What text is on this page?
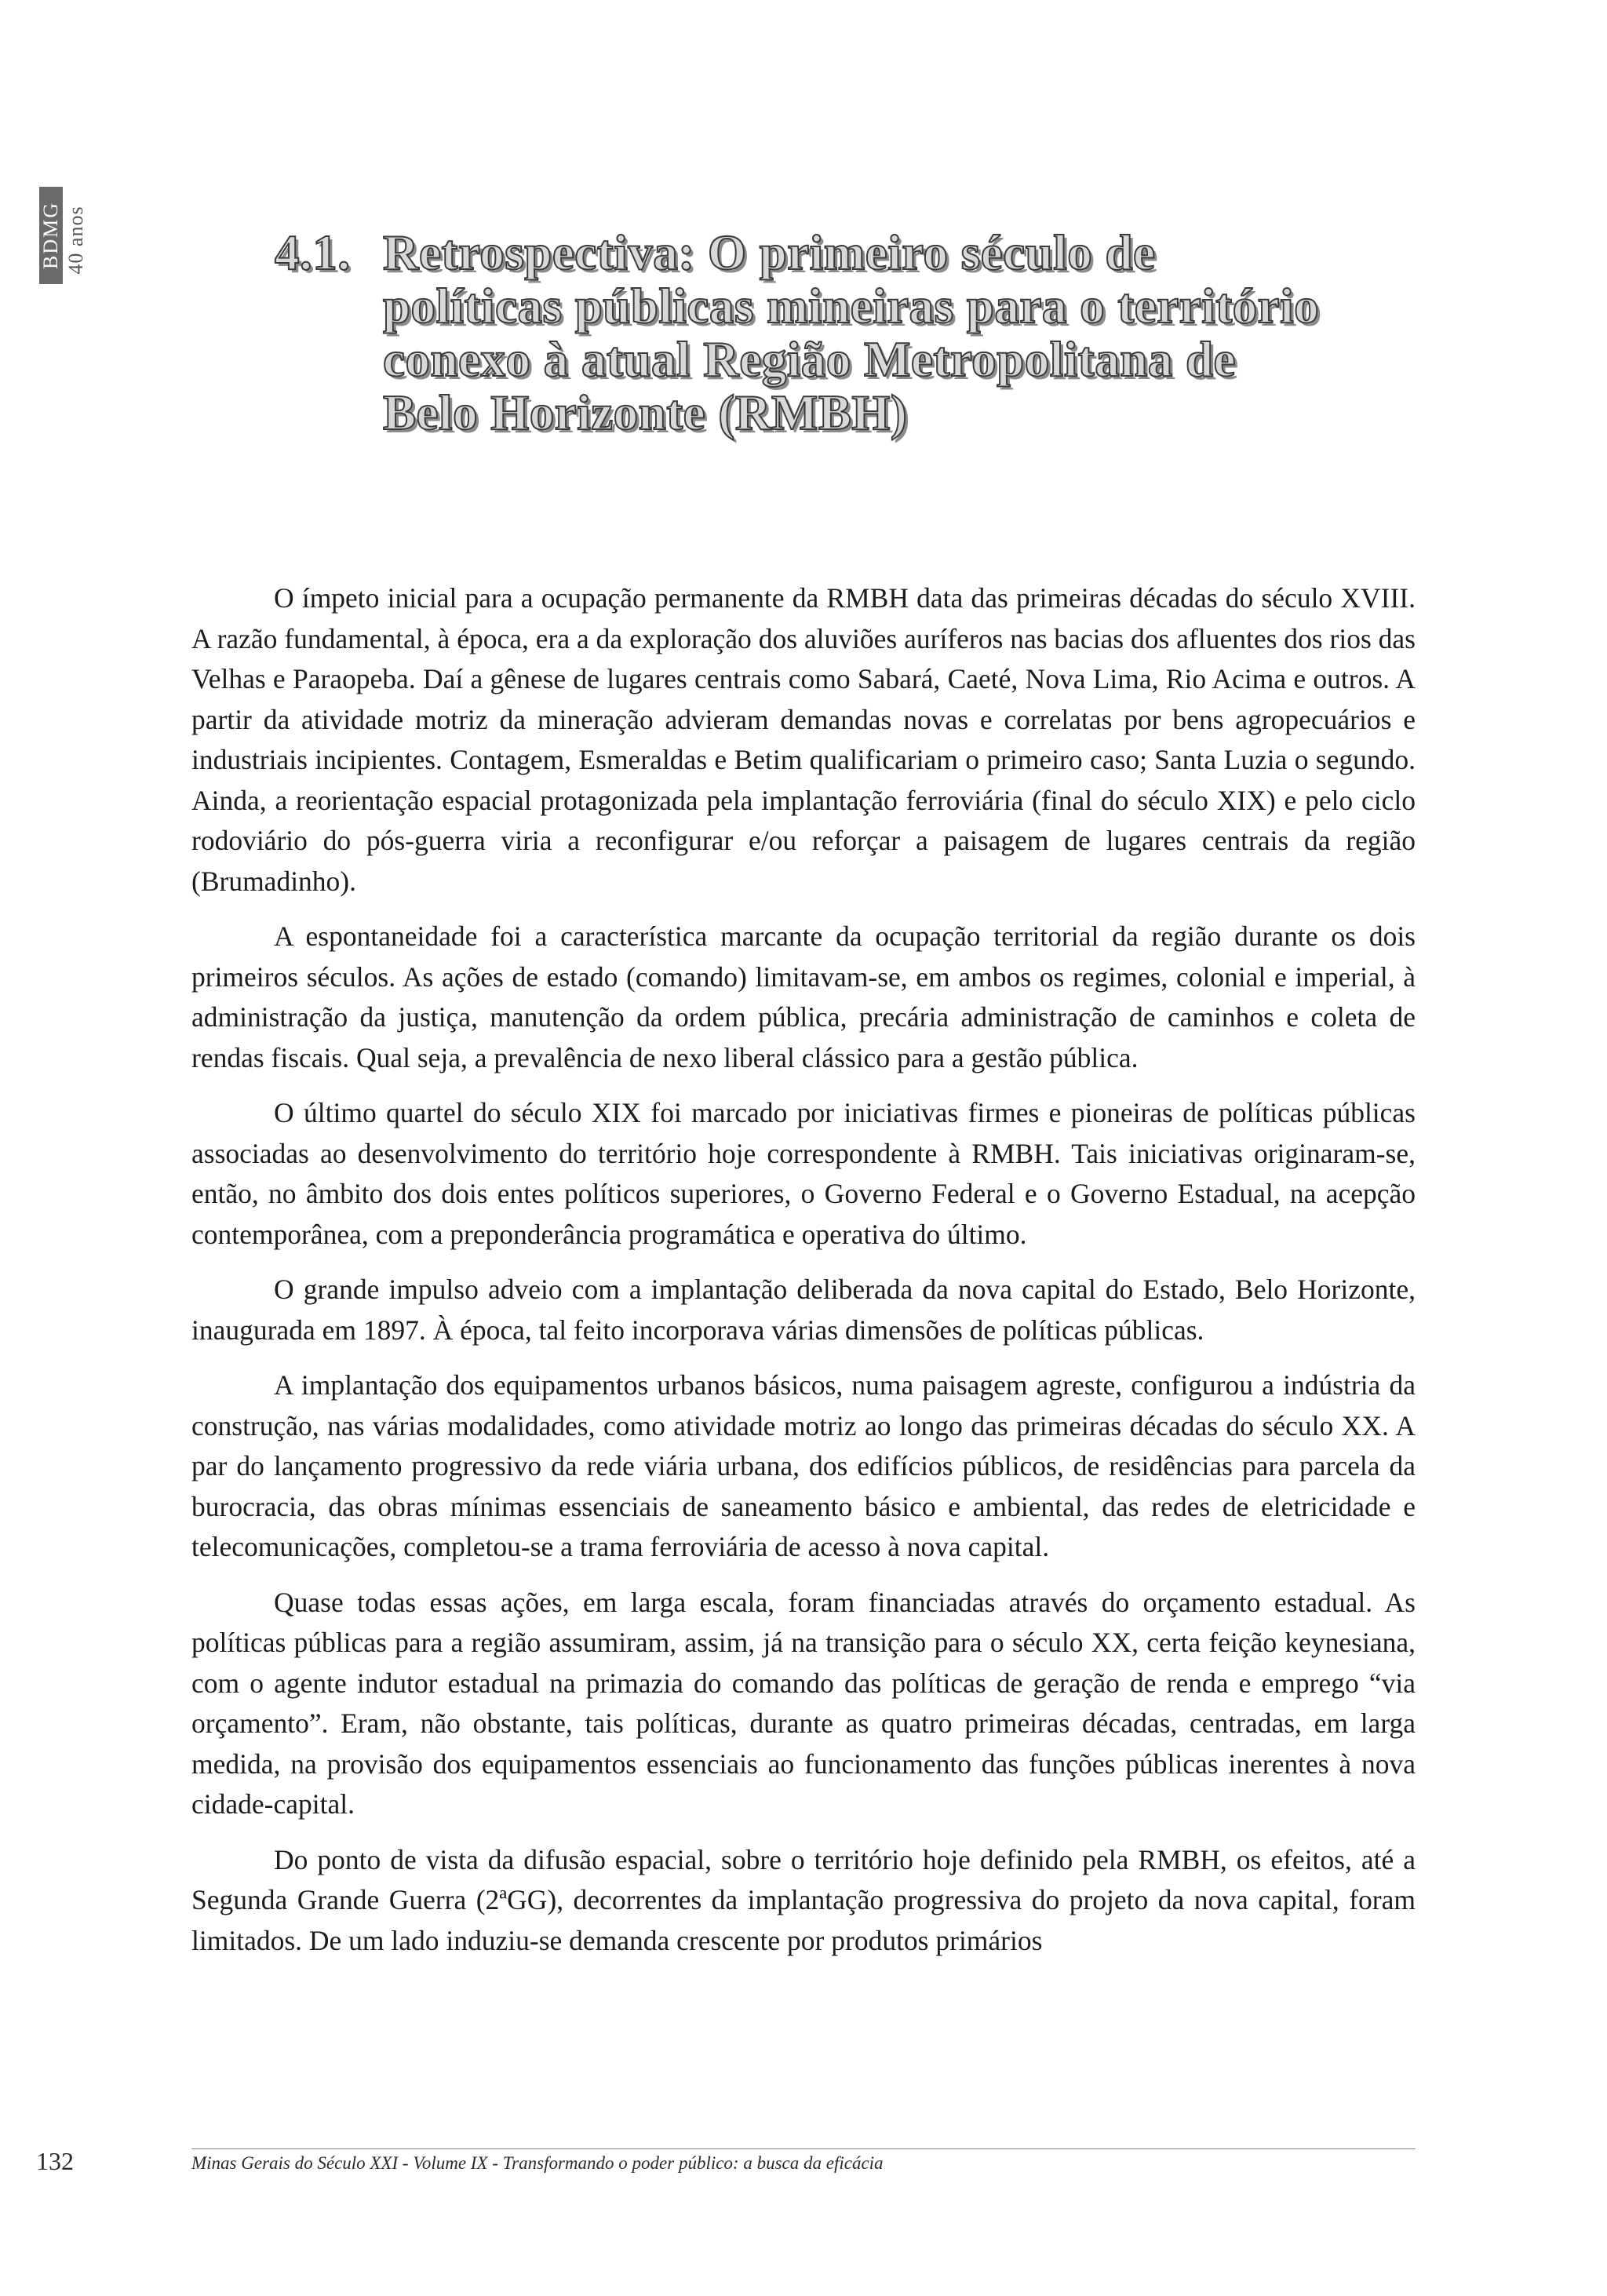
BDMG 40 anos	4.1. Retrospectiva: O primeiro século de
políticas públicas mineiras para o território
conexo à atual Região Metropolitana de
Belo Horizonte (RMBH)

O ímpeto inicial para a ocupação permanente da RMBH data das primeiras décadas do século XVIII. A razão fundamental, à época, era a da exploração dos aluviões auríferos nas bacias dos afluentes dos rios das Velhas e Paraopeba. Daí a gênese de lugares centrais como Sabará, Caeté, Nova Lima, Rio Acima e outros. A partir da atividade motriz da mineração advieram demandas novas e correlatas por bens agropecuários e industriais incipientes. Contagem, Esmeraldas e Betim qualificariam o primeiro caso; Santa Luzia o segundo. Ainda, a reorientação espacial protagonizada pela implantação ferroviária (final do século XIX) e pelo ciclo rodoviário do pós-guerra viria a reconfigurar e/ou reforçar a paisagem de lugares centrais da região (Brumadinho).

A espontaneidade foi a característica marcante da ocupação territorial da região durante os dois primeiros séculos. As ações de estado (comando) limitavam-se, em ambos os regimes, colonial e imperial, à administração da justiça, manutenção da ordem pública, precária administração de caminhos e coleta de rendas fiscais. Qual seja, a prevalência de nexo liberal clássico para a gestão pública.

O último quartel do século XIX foi marcado por iniciativas firmes e pioneiras de políticas públicas associadas ao desenvolvimento do território hoje correspondente à RMBH. Tais iniciativas originaram-se, então, no âmbito dos dois entes políticos superiores, o Governo Federal e o Governo Estadual, na acepção contemporânea, com a preponderância programática e operativa do último.

O grande impulso adveio com a implantação deliberada da nova capital do Estado, Belo Horizonte, inaugurada em 1897. À época, tal feito incorporava várias dimensões de políticas públicas.

A implantação dos equipamentos urbanos básicos, numa paisagem agreste, configurou a indústria da construção, nas várias modalidades, como atividade motriz ao longo das primeiras décadas do século XX. A par do lançamento progressivo da rede viária urbana, dos edifícios públicos, de residências para parcela da burocracia, das obras mínimas essenciais de saneamento básico e ambiental, das redes de eletricidade e telecomunicações, completou-se a trama ferroviária de acesso à nova capital.

Quase todas essas ações, em larga escala, foram financiadas através do orçamento estadual. As políticas públicas para a região assumiram, assim, já na transição para o século XX, certa feição keynesiana, com o agente indutor estadual na primazia do comando das políticas de geração de renda e emprego “via orçamento”. Eram, não obstante, tais políticas, durante as quatro primeiras décadas, centradas, em larga medida, na provisão dos equipamentos essenciais ao funcionamento das funções públicas inerentes à nova cidade-capital.

Do ponto de vista da difusão espacial, sobre o território hoje definido pela RMBH, os efeitos, até a Segunda Grande Guerra (2ªGG), decorrentes da implantação progressiva do projeto da nova capital, foram limitados. De um lado induziu-se demanda crescente por produtos primários

132	Minas Gerais do Século XXI - Volume IX - Transformando o poder público: a busca da eficácia
